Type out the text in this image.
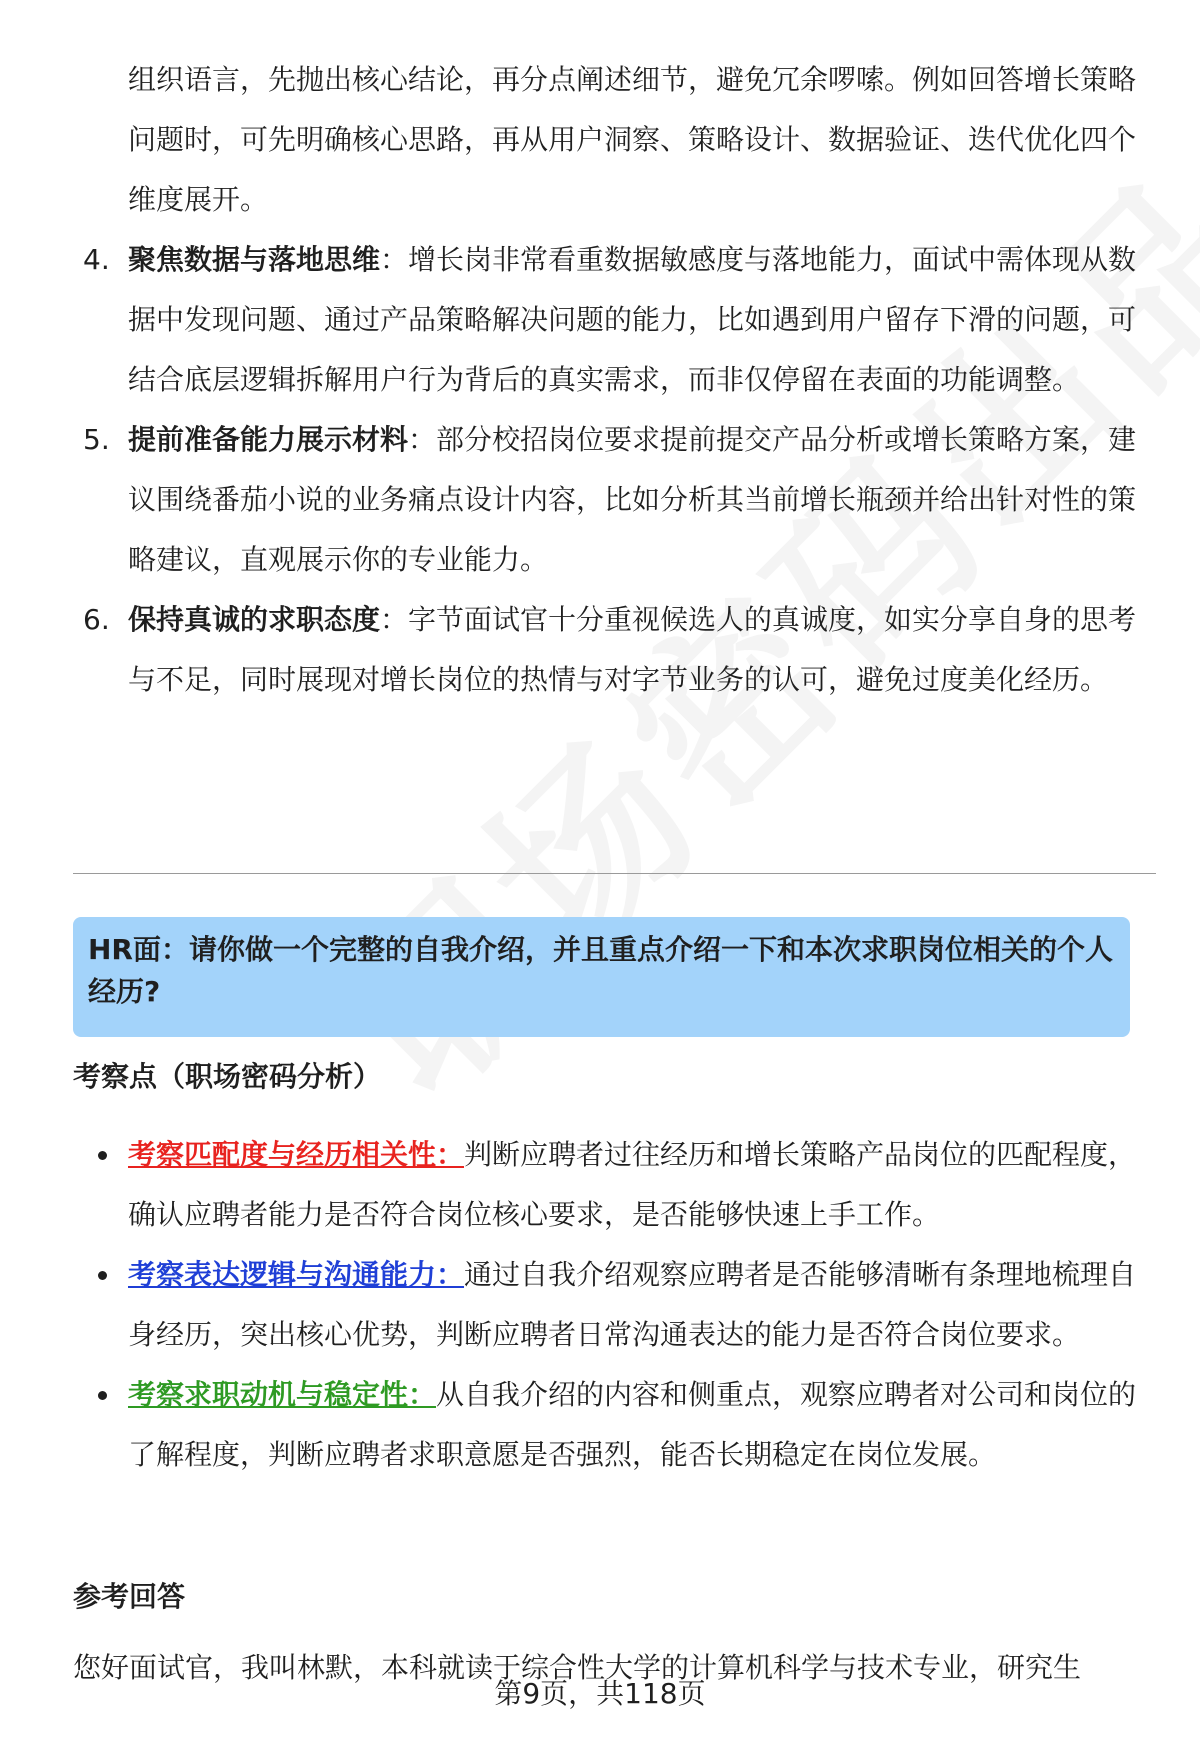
组织语言，先抛出核心结论，再分点阐述细节，避免冗余啰嗦。例如回答增长策略问题时，可先明确核心思路，再从用户洞察、策略设计、数据验证、迭代优化四个维度展开。
4. 聚焦数据与落地思维：增长岗非常看重数据敏感度与落地能力，面试中需体现从数据中发现问题、通过产品策略解决问题的能力，比如遇到用户留存下滑的问题，可结合底层逻辑拆解用户行为背后的真实需求，而非仅停留在表面的功能调整。
5. 提前准备能力展示材料：部分校招岗位要求提前提交产品分析或增长策略方案，建议围绕番茄小说的业务痛点设计内容，比如分析其当前增长瓶颈并给出针对性的策略建议，直观展示你的专业能力。
6. 保持真诚的求职态度：字节面试官十分重视候选人的真诚度，如实分享自身的思考与不足，同时展现对增长岗位的热情与对字节业务的认可，避免过度美化经历。
HR面：请你做一个完整的自我介绍，并且重点介绍一下和本次求职岗位相关的个人经历?
考察点（职场密码分析）
考察匹配度与经历相关性：判断应聘者过往经历和增长策略产品岗位的匹配程度，确认应聘者能力是否符合岗位核心要求，是否能够快速上手工作。
考察表达逻辑与沟通能力：通过自我介绍观察应聘者是否能够清晰有条理地梳理自身经历，突出核心优势，判断应聘者日常沟通表达的能力是否符合岗位要求。
考察求职动机与稳定性：从自我介绍的内容和侧重点，观察应聘者对公司和岗位的了解程度，判断应聘者求职意愿是否强烈，能否长期稳定在岗位发展。
参考回答
您好面试官，我叫林默，本科就读于综合性大学的计算机科学与技术专业，研究生
第9页，共118页
